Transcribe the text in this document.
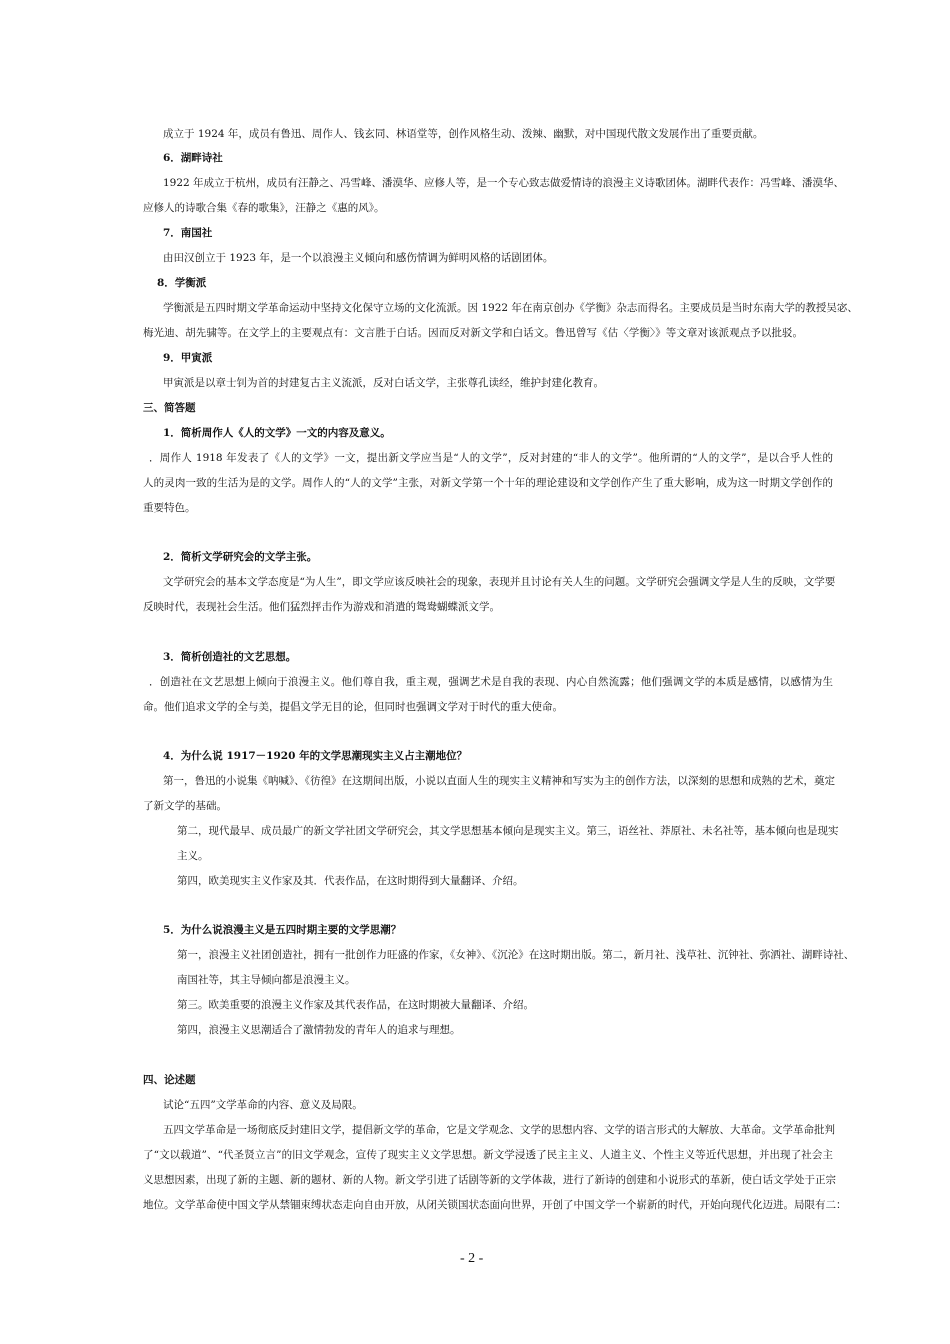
成立于 1924 年，成员有鲁迅、周作人、钱玄同、林语堂等，创作风格生动、泼辣、幽默，对中国现代散文发展作出了重要贡献。
6．湖畔诗社
1922 年成立于杭州，成员有汪静之、冯雪峰、潘漠华、应修人等，是一个专心致志做爱情诗的浪漫主义诗歌团体。湖畔代表作：冯雪峰、潘漠华、
应修人的诗歌合集《春的歌集》，汪静之《惠的风》。
7．南国社
由田汉创立于 1923 年，是一个以浪漫主义倾向和感伤情调为鲜明风格的话剧团体。
8．学衡派
学衡派是五四时期文学革命运动中坚持文化保守立场的文化流派。因 1922 年在南京创办《学衡》杂志而得名。主要成员是当时东南大学的教授吴宓、
梅光迪、胡先骕等。在文学上的主要观点有：文言胜于白话。因而反对新文学和白话文。鲁迅曾写《估〈学衡〉》等文章对该派观点予以批驳。
9．甲寅派
甲寅派是以章士钊为首的封建复古主义流派，反对白话文学，主张尊孔读经，维护封建化教育。
三、简答题
1．简析周作人《人的文学》一文的内容及意义。
．周作人 1918 年发表了《人的文学》一文，提出新文学应当是“人的文学”，反对封建的“非人的文学”。他所谓的“人的文学”，是以合乎人性的
人的灵肉一致的生活为是的文学。周作人的“人的文学”主张，对新文学第一个十年的理论建设和文学创作产生了重大影响，成为这一时期文学创作的
重要特色。
2．简析文学研究会的文学主张。
文学研究会的基本文学态度是“为人生”，即文学应该反映社会的现象，表现并且讨论有关人生的问题。文学研究会强调文学是人生的反映，文学要
反映时代，表现社会生活。他们猛烈抨击作为游戏和消遣的鸳鸯蝴蝶派文学。
3．简析创造社的文艺思想。
．创造社在文艺思想上倾向于浪漫主义。他们尊自我，重主观，强调艺术是自我的表现、内心自然流露；他们强调文学的本质是感情，以感情为生
命。他们追求文学的全与美，提倡文学无目的论，但同时也强调文学对于时代的重大使命。
4．为什么说 1917－1920 年的文学思潮现实主义占主潮地位？
第一，鲁迅的小说集《呐喊》、《彷徨》在这期间出版，小说以直面人生的现实主义精神和写实为主的创作方法，以深刻的思想和成熟的艺术，奠定
了新文学的基础。
第二，现代最早、成员最广的新文学社团文学研究会，其文学思想基本倾向是现实主义。第三，语丝社、莽原社、未名社等，基本倾向也是现实
主义。
第四，欧美现实主义作家及其．代表作品，在这时期得到大量翻译、介绍。
5．为什么说浪漫主义是五四时期主要的文学思潮？
第一，浪漫主义社团创造社，拥有一批创作力旺盛的作家，《女神》、《沉沦》在这时期出版。第二，新月社、浅草社、沉钟社、弥洒社、湖畔诗社、
南国社等，其主导倾向都是浪漫主义。
第三。欧美重要的浪漫主义作家及其代表作品，在这时期被大量翻译、介绍。
第四，浪漫主义思潮适合了激情勃发的青年人的追求与理想。
四、论述题
试论“五四”文学革命的内容、意义及局限。
五四文学革命是一场彻底反封建旧文学，提倡新文学的革命，它是文学观念、文学的思想内容、文学的语言形式的大解放、大革命。文学革命批判
了“文以载道”、“代圣贤立言”的旧文学观念，宣传了现实主义文学思想。新文学浸透了民主主义、人道主义、个性主义等近代思想，并出现了社会主
义思想因素，出现了新的主题、新的题材、新的人物。新文学引进了话剧等新的文学体裁，进行了新诗的创建和小说形式的革新，使白话文学处于正宗
地位。文学革命使中国文学从禁锢束缚状态走向自由开放，从闭关锁国状态面向世界，开创了中国文学一个崭新的时代，开始向现代化迈进。局限有二：
- 2 -
